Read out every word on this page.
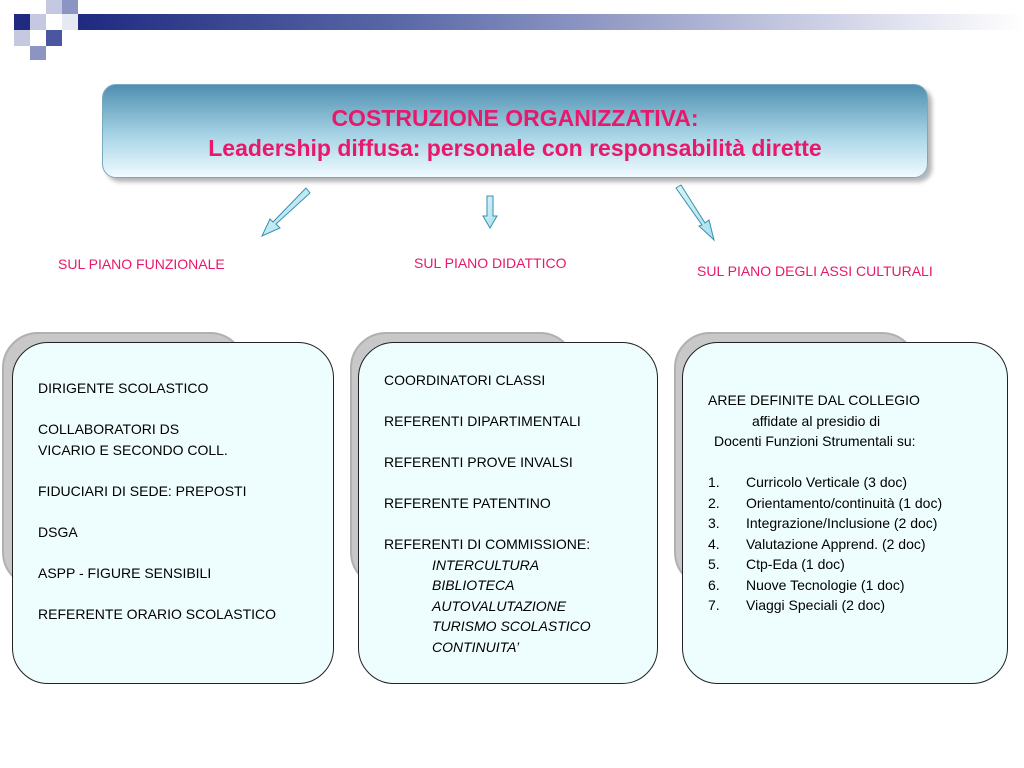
COSTRUZIONE ORGANIZZATIVA:
Leadership diffusa: personale con responsabilità dirette
SUL PIANO FUNZIONALE	SUL PIANO DIDATTICO	SUL PIANO DEGLI ASSI CULTURALI
DIRIGENTE SCOLASTICO
COLLABORATORI DS
VICARIO E SECONDO COLL.
FIDUCIARI DI SEDE: PREPOSTI
DSGA
ASPP - FIGURE SENSIBILI
REFERENTE ORARIO SCOLASTICO
COORDINATORI CLASSI
REFERENTI DIPARTIMENTALI
REFERENTI PROVE INVALSI
REFERENTE PATENTINO
REFERENTI DI COMMISSIONE:
INTERCULTURA
BIBLIOTECA
AUTOVALUTAZIONE
TURISMO SCOLASTICO
CONTINUITA’
AREE DEFINITE DAL COLLEGIO
affidate al presidio di
Docenti Funzioni Strumentali su:
1. Curricolo Verticale (3 doc)
2. Orientamento/continuità (1 doc)
3. Integrazione/Inclusione (2 doc)
4. Valutazione Apprend. (2 doc)
5. Ctp-Eda (1 doc)
6. Nuove Tecnologie (1 doc)
7. Viaggi Speciali (2 doc)
